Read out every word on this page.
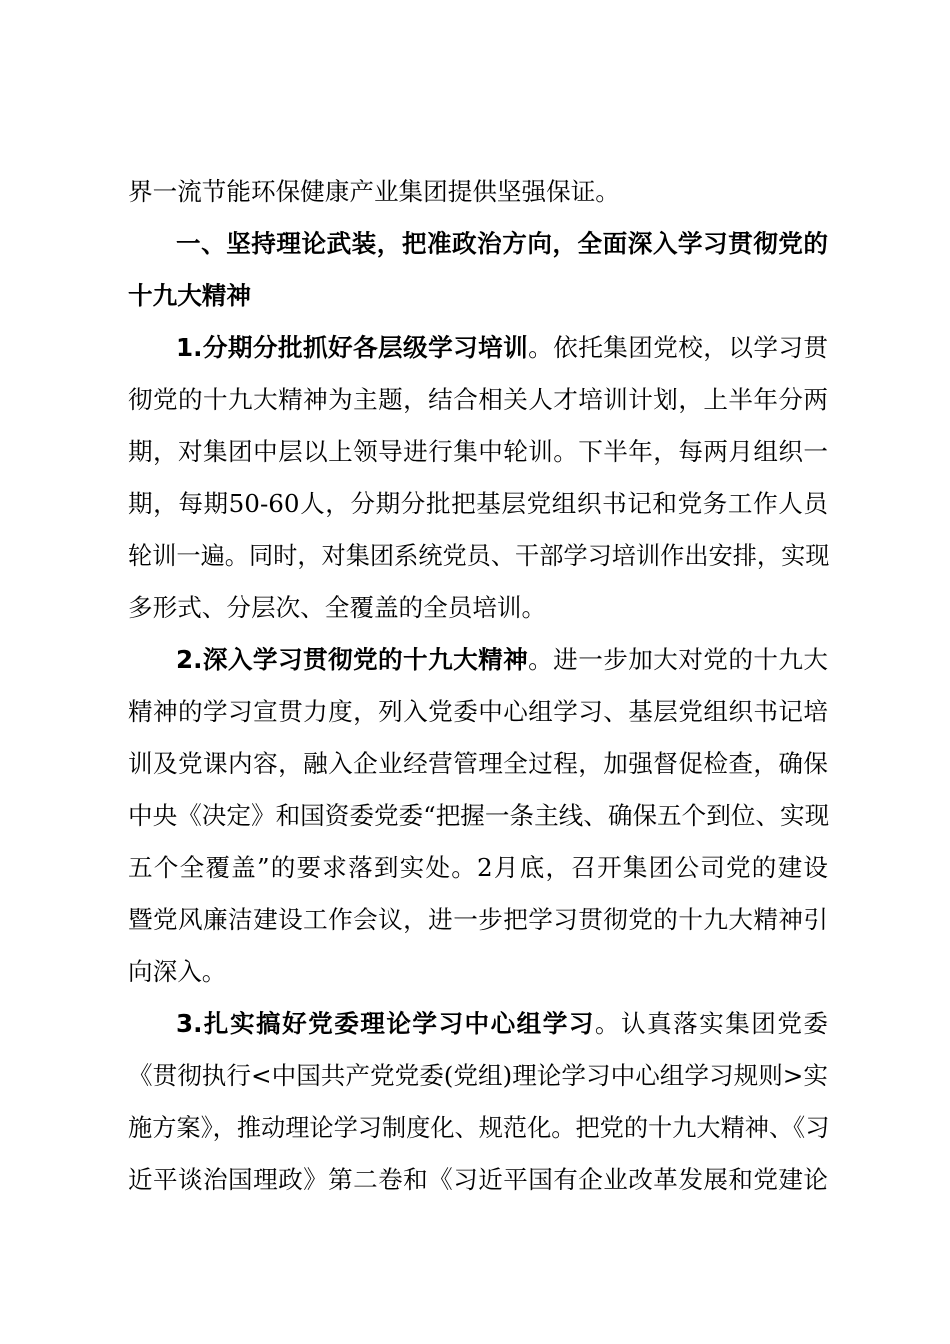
界一流节能环保健康产业集团提供坚强保证。
一、坚持理论武装，把准政治方向，全面深入学习贯彻党的
十九大精神
1.分期分批抓好各层级学习培训。依托集团党校，以学习贯
彻党的十九大精神为主题，结合相关人才培训计划，上半年分两
期，对集团中层以上领导进行集中轮训。下半年，每两月组织一
期，每期50-60人，分期分批把基层党组织书记和党务工作人员
轮训一遍。同时，对集团系统党员、干部学习培训作出安排，实现
多形式、分层次、全覆盖的全员培训。
2.深入学习贯彻党的十九大精神。进一步加大对党的十九大
精神的学习宣贯力度，列入党委中心组学习、基层党组织书记培
训及党课内容，融入企业经营管理全过程，加强督促检查，确保
中央《决定》和国资委党委“把握一条主线、确保五个到位、实现
五个全覆盖”的要求落到实处。2月底，召开集团公司党的建设
暨党风廉洁建设工作会议，进一步把学习贯彻党的十九大精神引
向深入。
3.扎实搞好党委理论学习中心组学习。认真落实集团党委
《贯彻执行<中国共产党党委(党组)理论学习中心组学习规则>实
施方案》，推动理论学习制度化、规范化。把党的十九大精神、《习
近平谈治国理政》第二卷和《习近平国有企业改革发展和党建论
